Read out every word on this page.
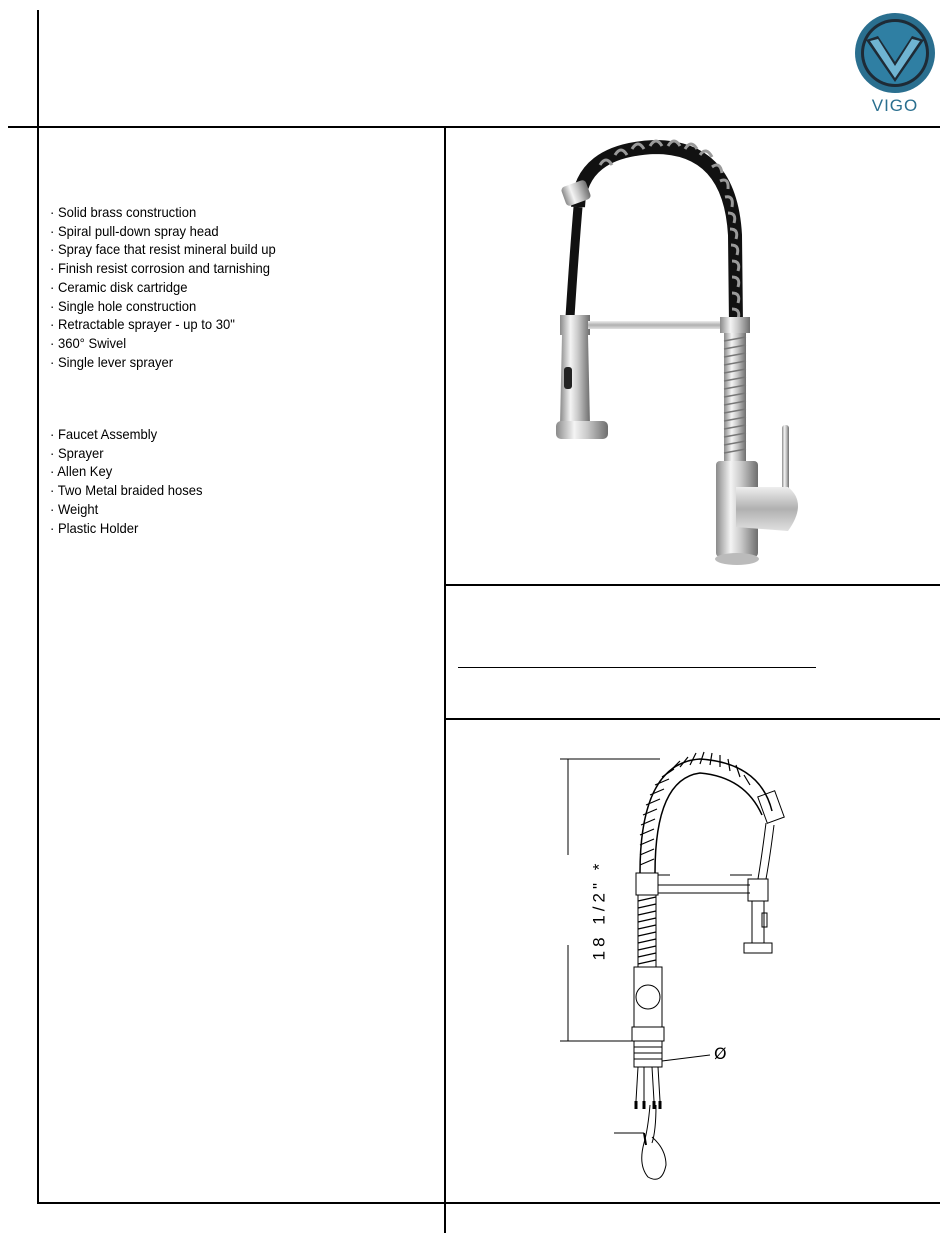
VIGO
· Solid brass construction
· Spiral pull-down spray head
· Spray face that resist mineral build up
· Finish resist corrosion and tarnishing
· Ceramic disk cartridge
· Single hole construction
· Retractable sprayer - up to 30"
· 360° Swivel
· Single lever sprayer
· Faucet Assembly
· Sprayer
· Allen Key
· Two Metal braided hoses
· Weight
· Plastic Holder
18 1/2" *
Ø
